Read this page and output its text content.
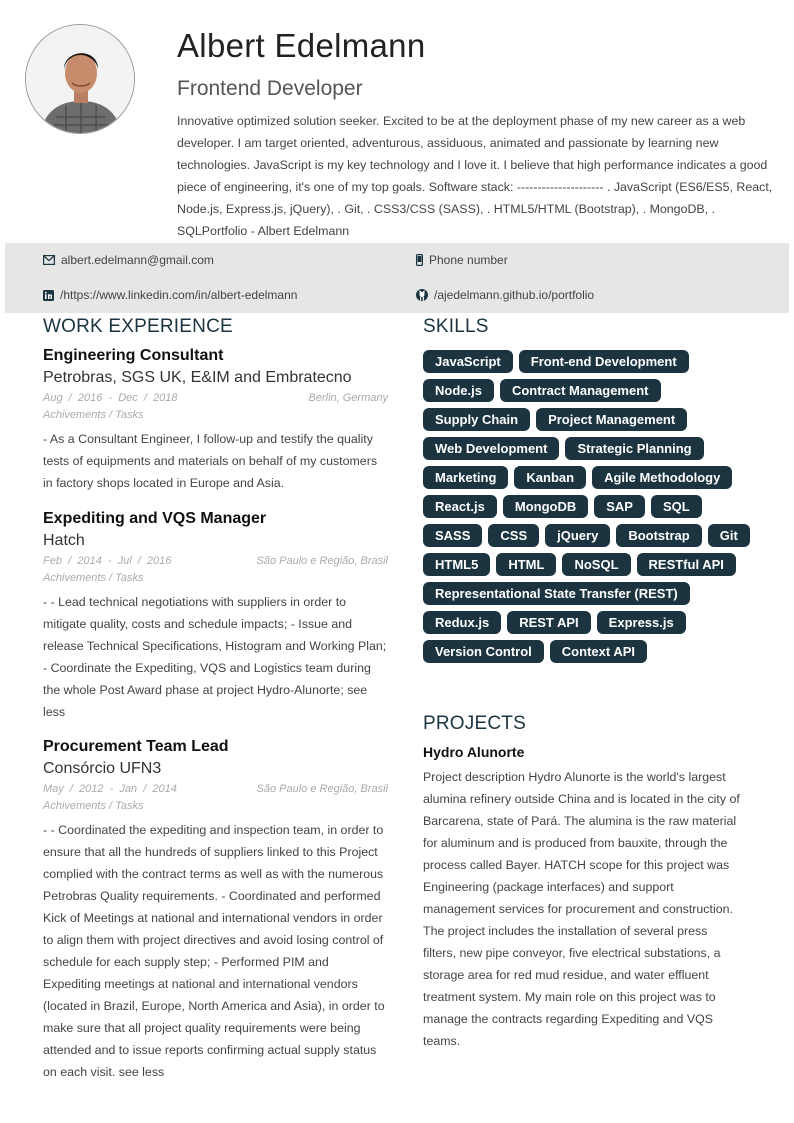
Albert Edelmann
Frontend Developer
Innovative optimized solution seeker. Excited to be at the deployment phase of my new career as a web developer. I am target oriented, adventurous, assiduous, animated and passionate by learning new technologies. JavaScript is my key technology and I love it. I believe that high performance indicates a good piece of engineering, it's one of my top goals. Software stack: --------------------- . JavaScript (ES6/ES5, React, Node.js, Express.js, jQuery), . Git, . CSS3/CSS (SASS), . HTML5/HTML (Bootstrap), . MongoDB, . SQLPortfolio - Albert Edelmann
albert.edelmann@gmail.com	Phone number
/https://www.linkedin.com/in/albert-edelmann	/ajedelmann.github.io/portfolio
WORK EXPERIENCE
Engineering Consultant
Petrobras, SGS UK, E&IM and Embratecno
Aug  /  2016  -  Dec  /  2018	Berlin, Germany
Achivements / Tasks
- As a Consultant Engineer, I follow-up and testify the quality tests of equipments and materials on behalf of my customers in factory shops located in Europe and Asia.
Expediting and VQS Manager
Hatch
Feb  /  2014  -  Jul  /  2016	São Paulo e Região, Brasil
Achivements / Tasks
- - Lead technical negotiations with suppliers in order to mitigate quality, costs and schedule impacts; - Issue and release Technical Specifications, Histogram and Working Plan; - Coordinate the Expediting, VQS and Logistics team during the whole Post Award phase at project Hydro-Alunorte; see less
Procurement Team Lead
Consórcio UFN3
May  /  2012  -  Jan  /  2014	São Paulo e Região, Brasil
Achivements / Tasks
- - Coordinated the expediting and inspection team, in order to ensure that all the hundreds of suppliers linked to this Project complied with the contract terms as well as with the numerous Petrobras Quality requirements. - Coordinated and performed Kick of Meetings at national and international vendors in order to align them with project directives and avoid losing control of schedule for each supply step; - Performed PIM and Expediting meetings at national and international vendors (located in Brazil, Europe, North America and Asia), in order to make sure that all project quality requirements were being attended and to issue reports confirming actual supply status on each visit. see less
SKILLS
JavaScript	Front-end Development
Node.js	Contract Management
Supply Chain	Project Management
Web Development	Strategic Planning
Marketing	Kanban	Agile Methodology
React.js	MongoDB	SAP	SQL
SASS	CSS	jQuery	Bootstrap	Git
HTML5	HTML	NoSQL	RESTful API
Representational State Transfer (REST)
Redux.js	REST API	Express.js
Version Control	Context API
PROJECTS
Hydro Alunorte
Project description Hydro Alunorte is the world's largest alumina refinery outside China and is located in the city of Barcarena, state of Pará. The alumina is the raw material for aluminum and is produced from bauxite, through the process called Bayer. HATCH scope for this project was Engineering (package interfaces) and support management services for procurement and construction. The project includes the installation of several press filters, new pipe conveyor, five electrical substations, a storage area for red mud residue, and water effluent treatment system. My main role on this project was to manage the contracts regarding Expediting and VQS teams.
